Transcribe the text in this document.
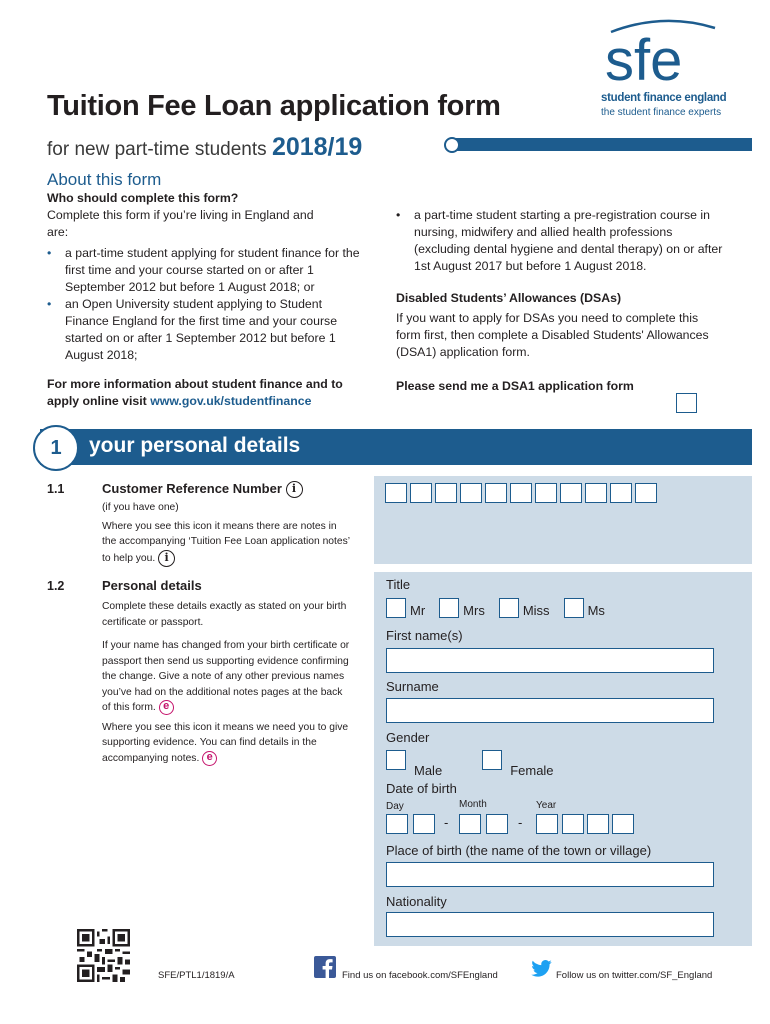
sfe
student finance england
the student finance experts
Tuition Fee Loan application form
for new part-time students 2018/19
About this form
Who should complete this form?
Complete this form if you’re living in England and are:
• a part-time student applying for student finance for the first time and your course started on or after 1 September 2012 but before 1 August 2018; or
• an Open University student applying to Student Finance England for the first time and your course started on or after 1 September 2012 but before 1 August 2018;
For more information about student finance and to apply online visit www.gov.uk/studentfinance
• a part-time student starting a pre-registration course in nursing, midwifery and allied health professions (excluding dental hygiene and dental therapy) on or after 1st August 2017 but before 1 August 2018.
Disabled Students’ Allowances (DSAs)
If you want to apply for DSAs you need to complete this form first, then complete a Disabled Students' Allowances (DSA1) application form.
Please send me a DSA1 application form
1	your personal details
1.1	Customer Reference Number i
(if you have one)
Where you see this icon it means there are notes in the accompanying ‘Tuition Fee Loan application notes’ to help you. i
1.2	Personal details
Complete these details exactly as stated on your birth certificate or passport.
If your name has changed from your birth certificate or passport then send us supporting evidence confirming the change. Give a note of any other previous names you’ve had on the additional notes pages at the back of this form. e
Where you see this icon it means we need you to give supporting evidence. You can find details in the accompanying notes. e
Title
Mr	Mrs	Miss	Ms
First name(s)
Surname
Gender
Male	Female
Date of birth
Day	Month	Year
-	-
Place of birth (the name of the town or village)
Nationality
SFE/PTL1/1819/A	Find us on facebook.com/SFEngland	Follow us on twitter.com/SF_England
